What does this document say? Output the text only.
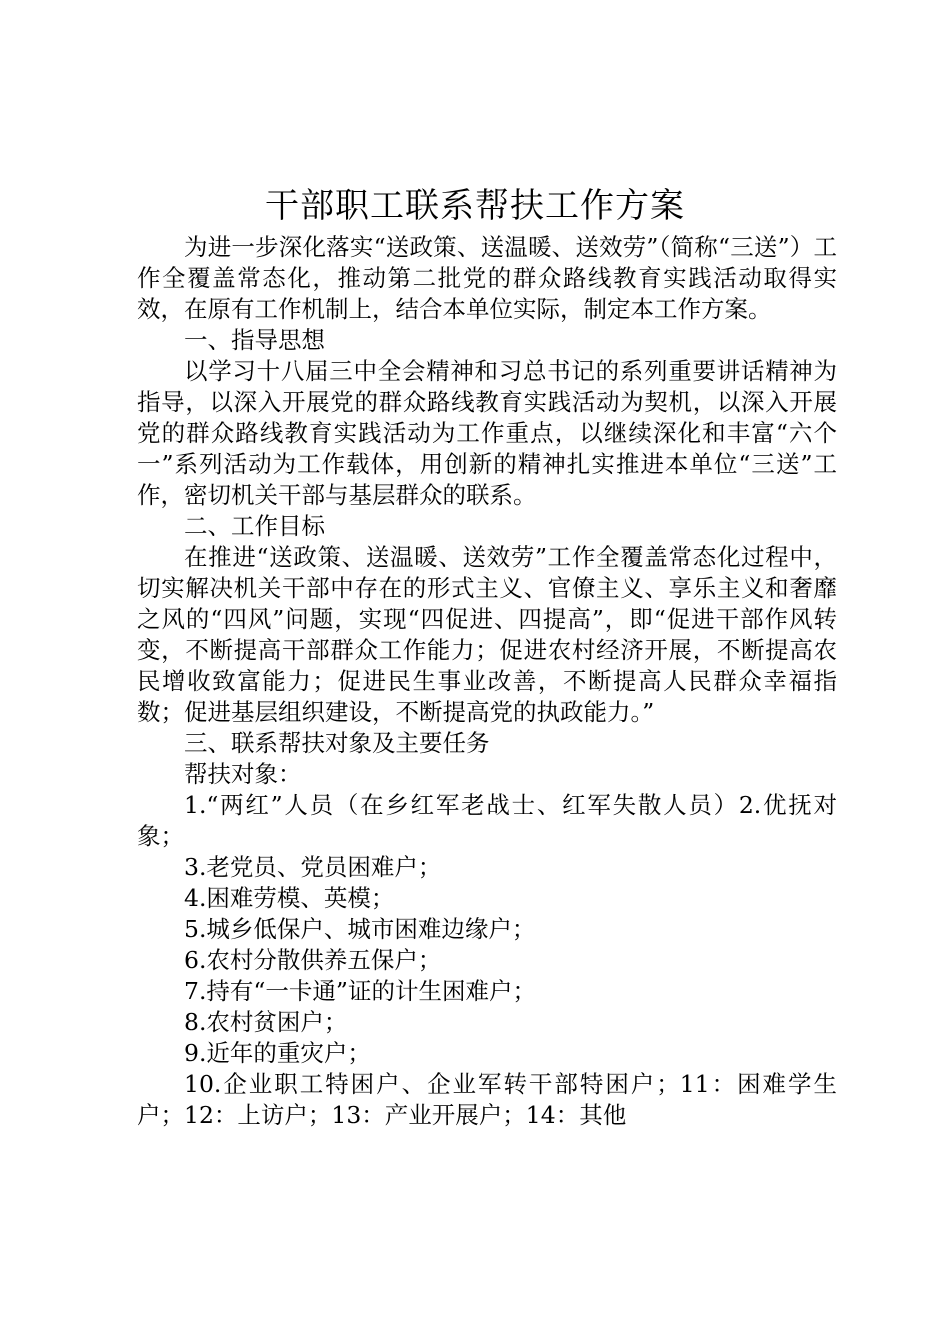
干部职工联系帮扶工作方案

为进一步深化落实“送政策、送温暖、送效劳”（简称“三送”）工作全覆盖常态化，推动第二批党的群众路线教育实践活动取得实效，在原有工作机制上，结合本单位实际，制定本工作方案。

一、指导思想

以学习十八届三中全会精神和习总书记的系列重要讲话精神为指导，以深入开展党的群众路线教育实践活动为契机，以深入开展党的群众路线教育实践活动为工作重点，以继续深化和丰富“六个一”系列活动为工作载体，用创新的精神扎实推进本单位“三送”工作，密切机关干部与基层群众的联系。

二、工作目标

在推进“送政策、送温暖、送效劳”工作全覆盖常态化过程中，切实解决机关干部中存在的形式主义、官僚主义、享乐主义和奢靡之风的“四风”问题，实现“四促进、四提高”，即“促进干部作风转变，不断提高干部群众工作能力；促进农村经济开展，不断提高农民增收致富能力；促进民生事业改善，不断提高人民群众幸福指数；促进基层组织建设，不断提高党的执政能力。”

三、联系帮扶对象及主要任务

帮扶对象：

1.“两红”人员（在乡红军老战士、红军失散人员）2.优抚对象；

3.老党员、党员困难户；

4.困难劳模、英模；

5.城乡低保户、城市困难边缘户；

6.农村分散供养五保户；

7.持有“一卡通”证的计生困难户；

8.农村贫困户；

9.近年的重灾户；

10.企业职工特困户、企业军转干部特困户；11：困难学生户；12：上访户；13：产业开展户；14：其他
